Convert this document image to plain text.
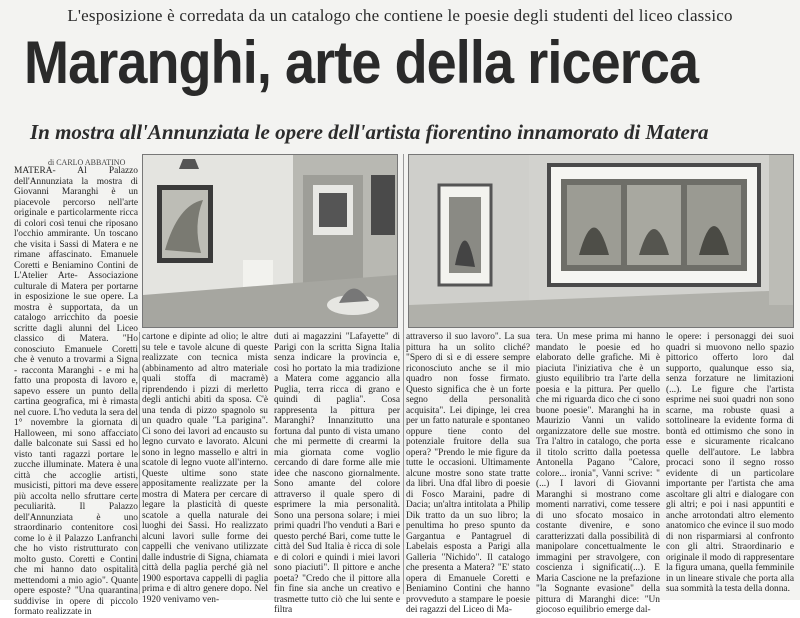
L'esposizione è corredata da un catalogo che contiene le poesie degli studenti del liceo classico
Maranghi, arte della ricerca
In mostra all'Annunziata le opere dell'artista fiorentino innamorato di Matera
di CARLO ABBATINO

MATERA- Al Palazzo dell'Annunziata la mostra di Giovanni Maranghi è un piacevole percorso nell'arte originale e particolarmente ricca di colori così tenui che riposano l'occhio ammirante. Un toscano che visita i Sassi di Matera e ne rimane affascinato. Emanuele Coretti e Beniamino Contini de L'Atelier Arte- Associazione culturale di Matera per portarne in esposizione le sue opere. La mostra è supportata, da un catalogo arricchito da poesie scritte dagli alunni del Liceo classico di Matera. "Ho conosciuto Emanuele Coretti che è venuto a trovarmi a Signa - racconta Maranghi - e mi ha fatto una proposta di lavoro e, sapevo essere un punto della cartina geografica, mi è rimasta nel cuore. L'ho veduta la sera del 1° novembre la giornata di Halloween, mi sono affacciato dalle balconate sui Sassi ed ho visto tanti ragazzi portare le zucche illuminate. Matera è una città che accoglie artisti, musicisti, pittori ma deve essere più accolta nello sfruttare certe peculiarità. Il Palazzo dell'Annunziata è uno straordinario contenitore così come lo è il Palazzo Lanfranchi che ho visto ristrutturato con molto gusto. Coretti e Contini che mi hanno dato ospitalità mettendomi a mio agio". Quante opere esposte? "Una quarantina suddivise in opere di piccolo formato realizzate in

cartone e dipinte ad olio; le altre su tele e tavole alcune di queste realizzate con tecnica mista (abbinamento ad altro materiale quali stoffa di macramè) riprendendo i pizzi di merletto degli antichi abiti da sposa. C'è una tenda di pizzo spagnolo su un quadro quale "La parigina". Ci sono dei lavori ad encausto su legno curvato e lavorato. Alcuni sono in legno massello e altri in scatole di legno vuote all'interno. Queste ultime sono state appositamente realizzate per la mostra di Matera per cercare di legare la plasticità di queste scatole a quella naturale dei luoghi dei Sassi. Ho realizzato alcuni lavori sulle forme dei cappelli che venivano utilizzate dalle industrie di Signa, chiamata città della paglia perché già nel 1900 esportava cappelli di paglia prima e di altro genere dopo. Nel 1920 venivamo ven-

duti ai magazzini "Lafayette" di Parigi con la scritta Signa Italia senza indicare la provincia e, così ho portato la mia tradizione a Matera come aggancio alla Puglia, terra ricca di grano e quindi di paglia". Cosa rappresenta la pittura per Maranghi? Innanzitutto una fortuna dal punto di vista umano che mi permette di crearmi la mia giornata come voglio cercando di dare forme alle mie idee che nascono giornalmente. Sono amante del colore attraverso il quale spero di esprimere la mia personalità. Sono una persona solare; i miei primi quadri l'ho venduti a Bari e questo perché Bari, come tutte le città del Sud Italia è ricca di sole e di colori e quindi i miei lavori sono piaciuti". Il pittore e anche poeta? "Credo che il pittore alla fin fine sia anche un creativo e trasmette tutto ciò che lui sente e filtra

attraverso il suo lavoro". La sua pittura ha un solito cliché? "Spero di sì e di essere sempre riconosciuto anche se il mio quadro non fosse firmato. Questo significa che è un forte segno della personalità acquisita". Lei dipinge, lei crea per un fatto naturale e spontaneo oppure tiene conto del potenziale fruitore della sua opera? "Prendo le mie figure da tutte le occasioni. Ultimamente alcune mostre sono state tratte da libri. Una dfal libro di poesie di Fosco Maraini, padre di Dacia; un'altra intitolata a Philip Dik tratto da un suo libro; la penultima ho preso spunto da Gargantua e Pantagruel di Labelais esposta a Parigi alla Galleria "Nichido". Il catalogo che presenta a Matera? "E' stato opera di Emanuele Coretti e Beniamino Contini che hanno provveduto a stampare le poesie dei ragazzi del Liceo di Ma-

tera. Un mese prima mi hanno mandato le poesie ed ho elaborato delle grafiche. Mi è piaciuta l'iniziativa che è un giusto equilibrio tra l'arte della poesia e la pittura. Per quello che mi riguarda dico che ci sono buone poesie". Maranghi ha in Maurizio Vanni un valido organizzatore delle sue mostre. Tra l'altro in catalogo, che porta il titolo scritto dalla poetessa Antonella Pagano "Calore, colore... ironia", Vanni scrive: " (...) I lavori di Giovanni Maranghi si mostrano come momenti narrativi, come tessere di uno sfocato mosaico in costante divenire, e sono caratterizzati dalla possibilità di manipolare concettualmente le immagini per stravolgere, con coscienza i significati(...). E Maria Cascione ne la prefazione "la Sognante evasione" della pittura di Maranghi dice: "Un giocoso equilibrio emerge dal-

le opere: i personaggi dei suoi quadri si muovono nello spazio pittorico offerto loro dal supporto, qualunque esso sia, senza forzature ne limitazioni (...). Le figure che l'artista esprime nei suoi quadri non sono scarne, ma robuste quasi a sottolineare la evidente forma di bontà ed ottimismo che sono in esse e sicuramente ricalcano quelle dell'autore. Le labbra procaci sono il segno rosso evidente di un particolare importante per l'artista che ama ascoltare gli altri e dialogare con gli altri; e poi i nasi appuntiti e anche arrotondati altro elemento anatomico che evince il suo modo di non risparmiarsi al confronto con gli altri. Straordinario e originale il modo di rappresentare la figura umana, quella femminile in un lineare stivale che porta alla sua sommità la testa della donna.
